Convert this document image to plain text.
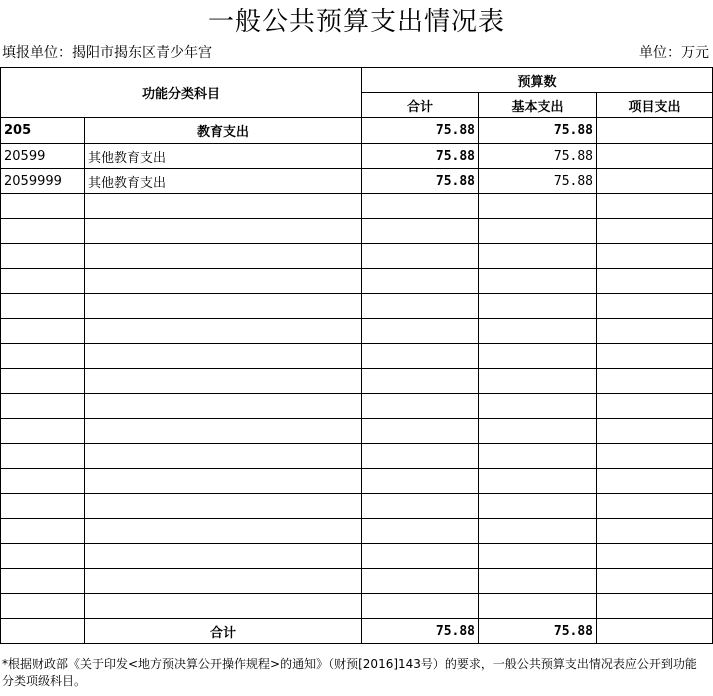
一般公共预算支出情况表
填报单位：揭阳市揭东区青少年宫	单位：万元
功能分类科目		预算数		
		合计	基本支出	项目支出
205	教育支出	75.88	75.88	
20599	其他教育支出	75.88	75.88	
2059999	其他教育支出	75.88	75.88	

	合计	75.88	75.88	
*根据财政部《关于印发<地方预决算公开操作规程>的通知》（财预[2016]143号）的要求，一般公共预算支出情况表应公开到功能分类项级科目。
